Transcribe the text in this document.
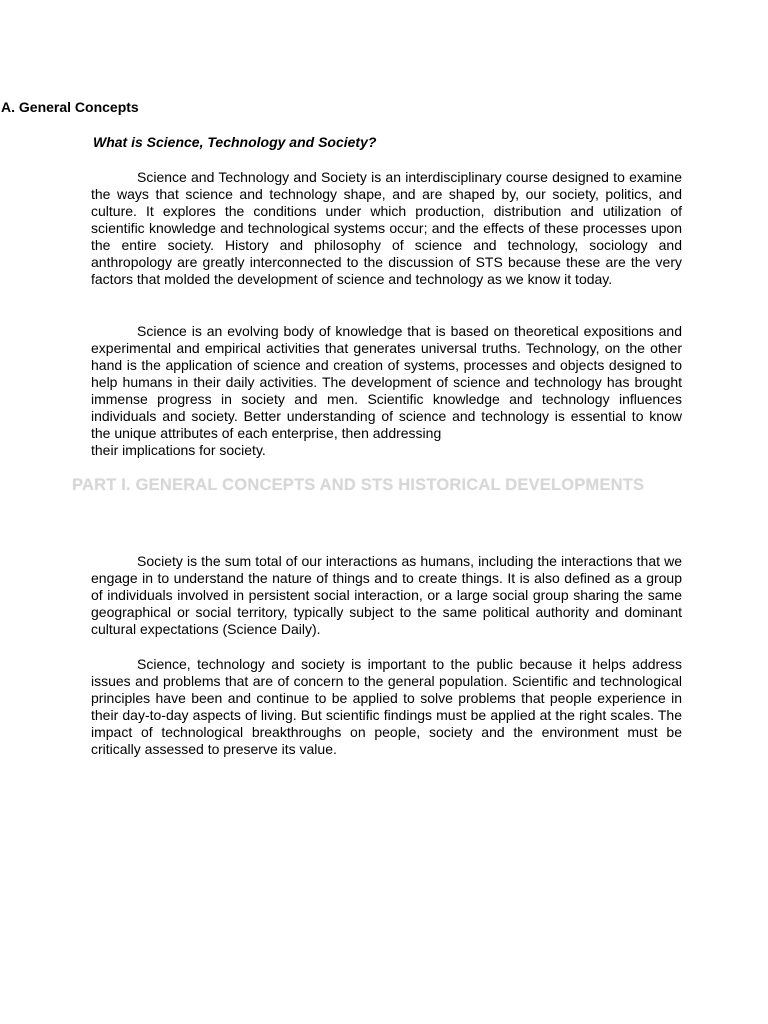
A. General Concepts
What is Science, Technology and Society?

Science and Technology and Society is an interdisciplinary course designed to examine the ways that science and technology shape, and are shaped by, our society, politics, and culture. It explores the conditions under which production, distribution and utilization of scientific knowledge and technological systems occur; and the effects of these processes upon the entire society. History and philosophy of science and technology, sociology and anthropology are greatly interconnected to the discussion of STS because these are the very factors that molded the development of science and technology as we know it today.

Science is an evolving body of knowledge that is based on theoretical expositions and experimental and empirical activities that generates universal truths. Technology, on the other hand is the application of science and creation of systems, processes and objects designed to help humans in their daily activities. The development of science and technology has brought immense progress in society and men. Scientific knowledge and technology influences individuals and society. Better understanding of science and technology is essential to know the unique attributes of each enterprise, then addressing
their implications for society.

PART I. GENERAL CONCEPTS AND STS HISTORICAL DEVELOPMENTS

Society is the sum total of our interactions as humans, including the interactions that we engage in to understand the nature of things and to create things. It is also defined as a group of individuals involved in persistent social interaction, or a large social group sharing the same geographical or social territory, typically subject to the same political authority and dominant cultural expectations (Science Daily).

Science, technology and society is important to the public because it helps address issues and problems that are of concern to the general population. Scientific and technological principles have been and continue to be applied to solve problems that people experience in their day-to-day aspects of living. But scientific findings must be applied at the right scales. The impact of technological breakthroughs on people, society and the environment must be critically assessed to preserve its value.
